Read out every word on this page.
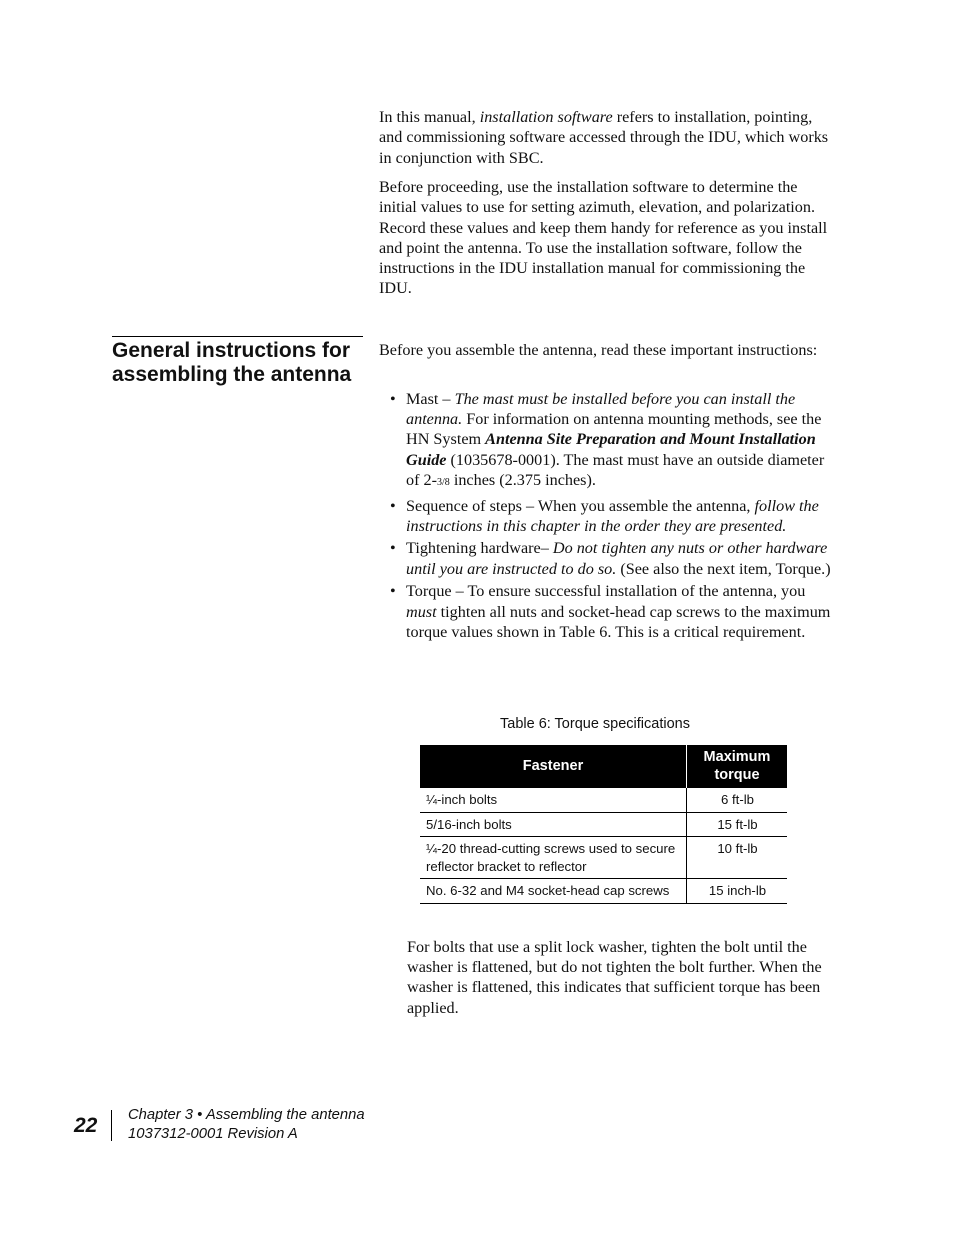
In this manual, installation software refers to installation, pointing, and commissioning software accessed through the IDU, which works in conjunction with SBC.

Before proceeding, use the installation software to determine the initial values to use for setting azimuth, elevation, and polarization. Record these values and keep them handy for reference as you install and point the antenna. To use the installation software, follow the instructions in the IDU installation manual for commissioning the IDU.

General instructions for assembling the antenna

Before you assemble the antenna, read these important instructions:

• Mast – The mast must be installed before you can install the antenna. For information on antenna mounting methods, see the HN System Antenna Site Preparation and Mount Installation Guide (1035678-0001). The mast must have an outside diameter of 2-3/8 inches (2.375 inches).
• Sequence of steps – When you assemble the antenna, follow the instructions in this chapter in the order they are presented.
• Tightening hardware– Do not tighten any nuts or other hardware until you are instructed to do so. (See also the next item, Torque.)
• Torque – To ensure successful installation of the antenna, you must tighten all nuts and socket-head cap screws to the maximum torque values shown in Table 6. This is a critical requirement.
Table 6: Torque specifications
Fastener	Maximum torque
¼-inch bolts	6 ft-lb
5/16-inch bolts	15 ft-lb
¼-20 thread-cutting screws used to secure reflector bracket to reflector	10 ft-lb
No. 6-32 and M4 socket-head cap screws	15 inch-lb

For bolts that use a split lock washer, tighten the bolt until the washer is flattened, but do not tighten the bolt further. When the washer is flattened, this indicates that sufficient torque has been applied.

22 Chapter 3 • Assembling the antenna
1037312-0001 Revision A
